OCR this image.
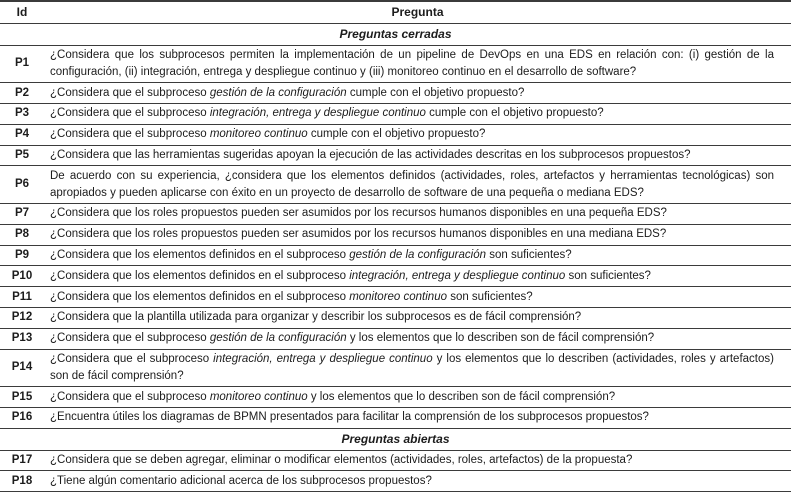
Id	Pregunta
Preguntas cerradas	
P1	¿Considera que los subprocesos permiten la implementación de un pipeline de DevOps en una EDS en relación con: (i) gestión de la configuración, (ii) integración, entrega y despliegue continuo y (iii) monitoreo continuo en el desarrollo de software?
P2	¿Considera que el subproceso gestión de la configuración cumple con el objetivo propuesto?
P3	¿Considera que el subproceso integración, entrega y despliegue continuo cumple con el objetivo propuesto?
P4	¿Considera que el subproceso monitoreo continuo cumple con el objetivo propuesto?
P5	¿Considera que las herramientas sugeridas apoyan la ejecución de las actividades descritas en los subprocesos propuestos?
P6	De acuerdo con su experiencia, ¿considera que los elementos definidos (actividades, roles, artefactos y herramientas tecnológicas) son apropiados y pueden aplicarse con éxito en un proyecto de desarrollo de software de una pequeña o mediana EDS?
P7	¿Considera que los roles propuestos pueden ser asumidos por los recursos humanos disponibles en una pequeña EDS?
P8	¿Considera que los roles propuestos pueden ser asumidos por los recursos humanos disponibles en una mediana EDS?
P9	¿Considera que los elementos definidos en el subproceso gestión de la configuración son suficientes?
P10	¿Considera que los elementos definidos en el subproceso integración, entrega y despliegue continuo son suficientes?
P11	¿Considera que los elementos definidos en el subproceso monitoreo continuo son suficientes?
P12	¿Considera que la plantilla utilizada para organizar y describir los subprocesos es de fácil comprensión?
P13	¿Considera que el subproceso gestión de la configuración y los elementos que lo describen son de fácil comprensión?
P14	¿Considera que el subproceso integración, entrega y despliegue continuo y los elementos que lo describen (actividades, roles y artefactos) son de fácil comprensión?
P15	¿Considera que el subproceso monitoreo continuo y los elementos que lo describen son de fácil comprensión?
P16	¿Encuentra útiles los diagramas de BPMN presentados para facilitar la comprensión de los subprocesos propuestos?
Preguntas abiertas	
P17	¿Considera que se deben agregar, eliminar o modificar elementos (actividades, roles, artefactos) de la propuesta?
P18	¿Tiene algún comentario adicional acerca de los subprocesos propuestos?
